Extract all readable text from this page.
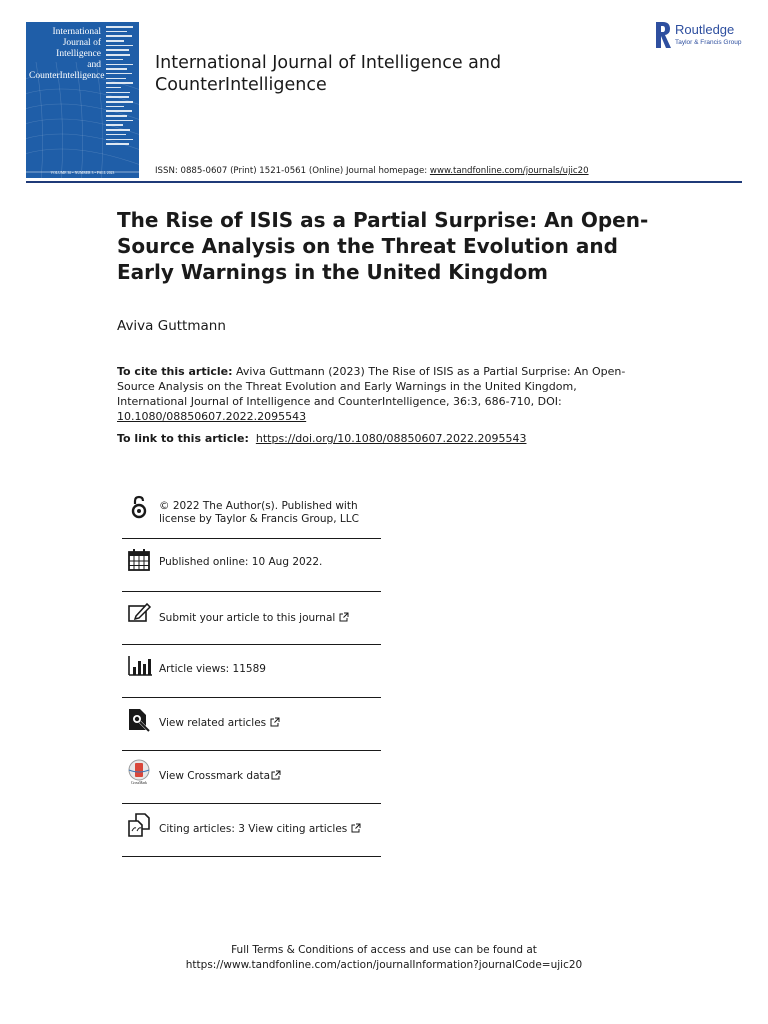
International
Journal of
Intelligence
and
CounterIntelligence
VOLUME 36 • NUMBER 3 • FALL 2023
International Journal of Intelligence and
CounterIntelligence
Routledge
Taylor & Francis Group
ISSN: 0885-0607 (Print) 1521-0561 (Online) Journal homepage: www.tandfonline.com/journals/ujic20
The Rise of ISIS as a Partial Surprise: An Open-Source Analysis on the Threat Evolution and Early Warnings in the United Kingdom
Aviva Guttmann
To cite this article: Aviva Guttmann (2023) The Rise of ISIS as a Partial Surprise: An Open-Source Analysis on the Threat Evolution and Early Warnings in the United Kingdom, International Journal of Intelligence and CounterIntelligence, 36:3, 686-710, DOI: 10.1080/08850607.2022.2095543
To link to this article: https://doi.org/10.1080/08850607.2022.2095543
© 2022 The Author(s). Published with
license by Taylor & Francis Group, LLC
Published online: 10 Aug 2022.
Submit your article to this journal
Article views: 11589
View related articles
CrossMark
View Crossmark data
Citing articles: 3 View citing articles
Full Terms & Conditions of access and use can be found at
https://www.tandfonline.com/action/journalInformation?journalCode=ujic20
